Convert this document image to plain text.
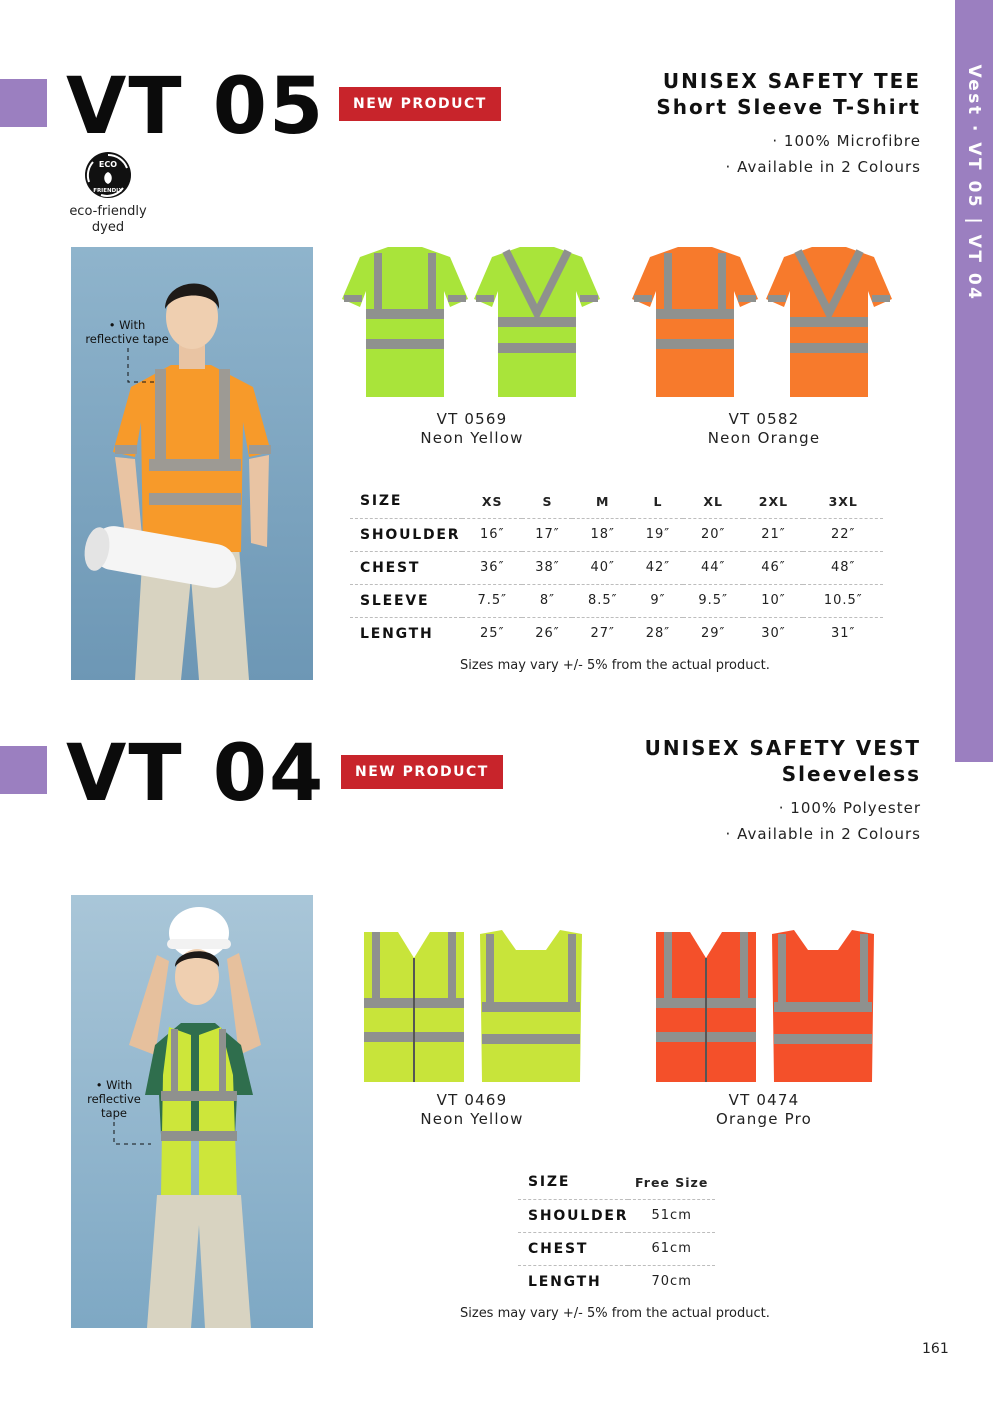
Vest · VT 05 | VT 04
VT 05	NEW PRODUCT
UNISEX SAFETY TEE
Short Sleeve T-Shirt
· 100% Microfibre
· Available in 2 Colours
ECO
FRIENDLY
eco-friendly
dyed
• With
reflective tape
VT 0569
Neon Yellow
VT 0582
Neon Orange
SIZE	XS	S	M	L	XL	2XL	3XL
SHOULDER	16″	17″	18″	19″	20″	21″	22″
CHEST	36″	38″	40″	42″	44″	46″	48″
SLEEVE	7.5″	8″	8.5″	9″	9.5″	10″	10.5″
LENGTH	25″	26″	27″	28″	29″	30″	31″
Sizes may vary +/- 5% from the actual product.
VT 04	NEW PRODUCT
UNISEX SAFETY VEST
Sleeveless
· 100% Polyester
· Available in 2 Colours
• With
reflective
tape
VT 0469
Neon Yellow
VT 0474
Orange Pro
SIZE	Free Size
SHOULDER	51cm
CHEST	61cm
LENGTH	70cm
Sizes may vary +/- 5% from the actual product.
161
